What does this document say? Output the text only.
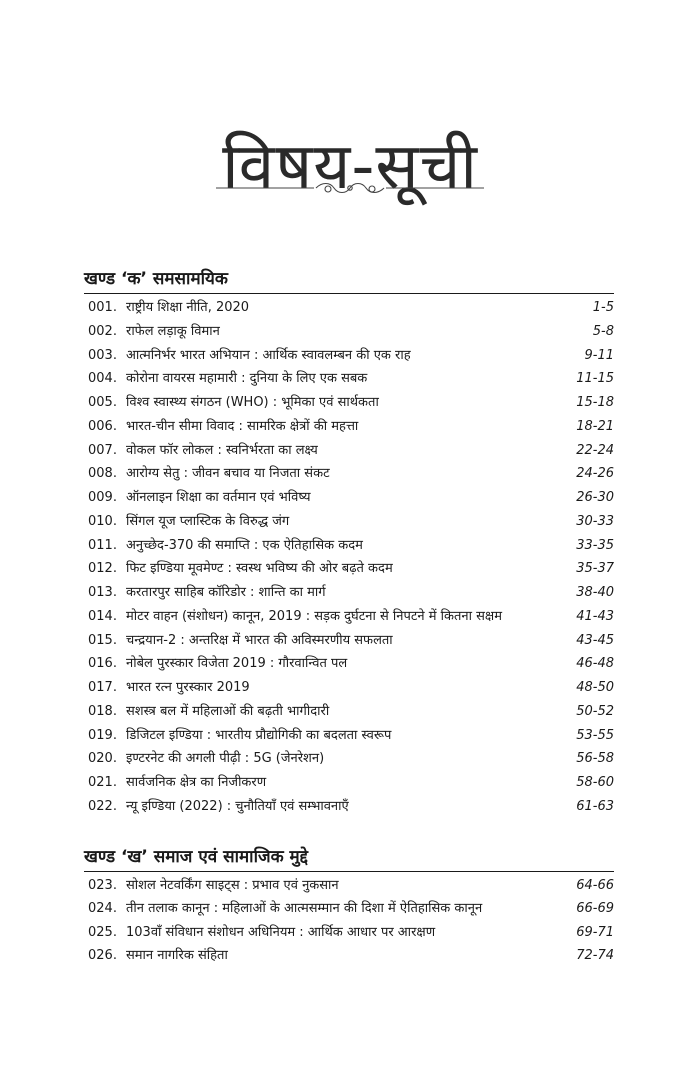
विषय-सूची
खण्ड ‘क’ समसामयिक
001. राष्ट्रीय शिक्षा नीति, 2020	1-5
002. राफेल लड़ाकू विमान	5-8
003. आत्मनिर्भर भारत अभियान : आर्थिक स्वावलम्बन की एक राह	9-11
004. कोरोना वायरस महामारी : दुनिया के लिए एक सबक	11-15
005. विश्व स्वास्थ्य संगठन (WHO) : भूमिका एवं सार्थकता	15-18
006. भारत-चीन सीमा विवाद : सामरिक क्षेत्रों की महत्ता	18-21
007. वोकल फॉर लोकल : स्वनिर्भरता का लक्ष्य	22-24
008. आरोग्य सेतु : जीवन बचाव या निजता संकट	24-26
009. ऑनलाइन शिक्षा का वर्तमान एवं भविष्य	26-30
010. सिंगल यूज प्लास्टिक के विरुद्ध जंग	30-33
011. अनुच्छेद-370 की समाप्ति : एक ऐतिहासिक कदम	33-35
012. फिट इण्डिया मूवमेण्ट : स्वस्थ भविष्य की ओर बढ़ते कदम	35-37
013. करतारपुर साहिब कॉरिडोर : शान्ति का मार्ग	38-40
014. मोटर वाहन (संशोधन) कानून, 2019 : सड़क दुर्घटना से निपटने में कितना सक्षम	41-43
015. चन्द्रयान-2 : अन्तरिक्ष में भारत की अविस्मरणीय सफलता	43-45
016. नोबेल पुरस्कार विजेता 2019 : गौरवान्वित पल	46-48
017. भारत रत्न पुरस्कार 2019	48-50
018. सशस्त्र बल में महिलाओं की बढ़ती भागीदारी	50-52
019. डिजिटल इण्डिया : भारतीय प्रौद्योगिकी का बदलता स्वरूप	53-55
020. इण्टरनेट की अगली पीढ़ी : 5G (जेनरेशन)	56-58
021. सार्वजनिक क्षेत्र का निजीकरण	58-60
022. न्यू इण्डिया (2022) : चुनौतियाँ एवं सम्भावनाएँ	61-63
खण्ड ‘ख’ समाज एवं सामाजिक मुद्दे
023. सोशल नेटवर्किंग साइट्स : प्रभाव एवं नुकसान	64-66
024. तीन तलाक कानून : महिलाओं के आत्मसम्मान की दिशा में ऐतिहासिक कानून	66-69
025. 103वाँ संविधान संशोधन अधिनियम : आर्थिक आधार पर आरक्षण	69-71
026. समान नागरिक संहिता	72-74
